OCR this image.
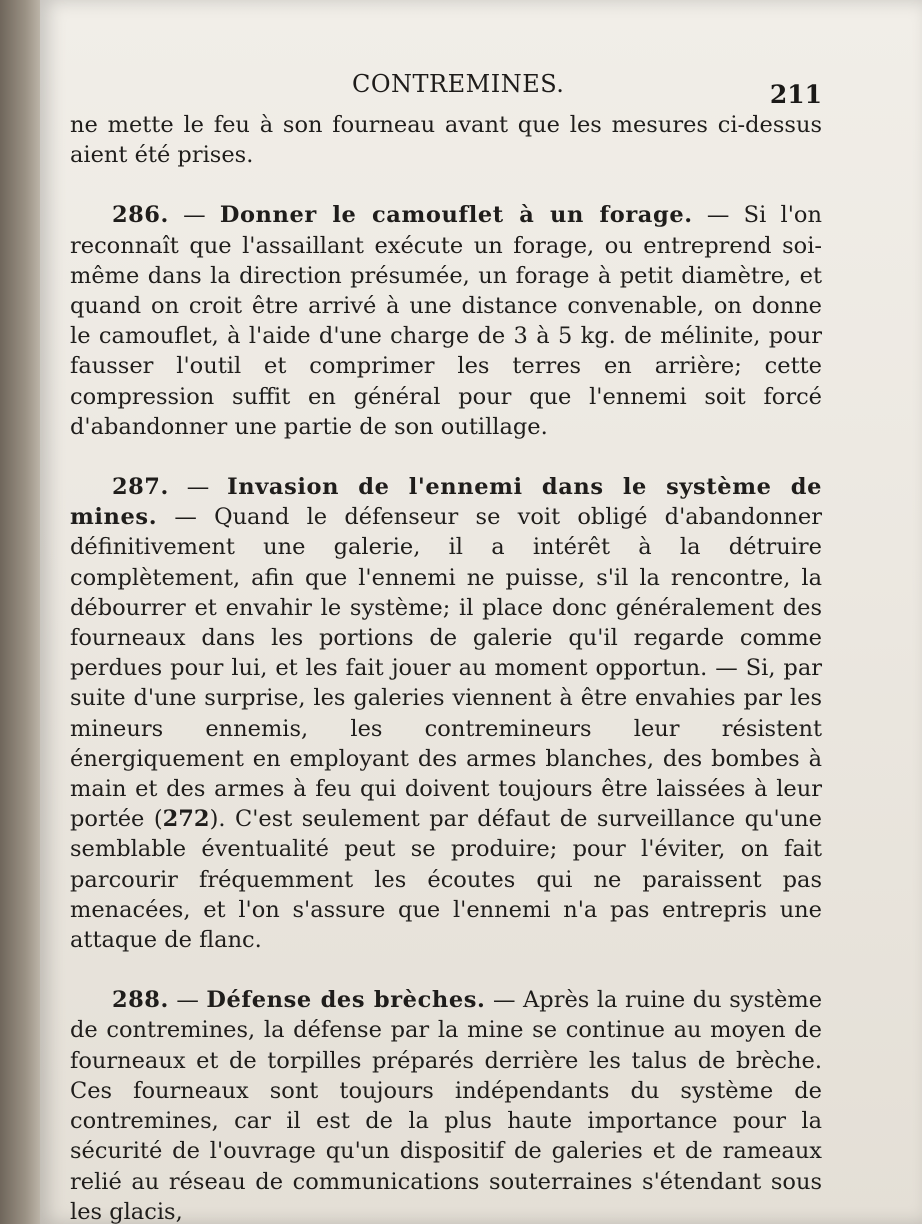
CONTREMINES.	211

ne mette le feu à son fourneau avant que les mesures ci-dessus aient été prises.

286. — Donner le camouflet à un forage. — Si l'on reconnaît que l'assaillant exécute un forage, ou entreprend soi-même dans la direction présumée, un forage à petit diamètre, et quand on croit être arrivé à une distance convenable, on donne le camouflet, à l'aide d'une charge de 3 à 5 kg. de mélinite, pour fausser l'outil et comprimer les terres en arrière; cette compression suffit en général pour que l'ennemi soit forcé d'abandonner une partie de son outillage.

287. — Invasion de l'ennemi dans le système de mines. — Quand le défenseur se voit obligé d'abandonner définitivement une galerie, il a intérêt à la détruire complètement, afin que l'ennemi ne puisse, s'il la rencontre, la débourrer et envahir le système; il place donc généralement des fourneaux dans les portions de galerie qu'il regarde comme perdues pour lui, et les fait jouer au moment opportun. — Si, par suite d'une surprise, les galeries viennent à être envahies par les mineurs ennemis, les contremineurs leur résistent énergiquement en employant des armes blanches, des bombes à main et des armes à feu qui doivent toujours être laissées à leur portée (272). C'est seulement par défaut de surveillance qu'une semblable éventualité peut se produire; pour l'éviter, on fait parcourir fréquemment les écoutes qui ne paraissent pas menacées, et l'on s'assure que l'ennemi n'a pas entrepris une attaque de flanc.

288. — Défense des brèches. — Après la ruine du système de contremines, la défense par la mine se continue au moyen de fourneaux et de torpilles préparés derrière les talus de brèche. Ces fourneaux sont toujours indépendants du système de contremines, car il est de la plus haute importance pour la sécurité de l'ouvrage qu'un dispositif de galeries et de rameaux relié au réseau de communications souterraines s'étendant sous les glacis,
